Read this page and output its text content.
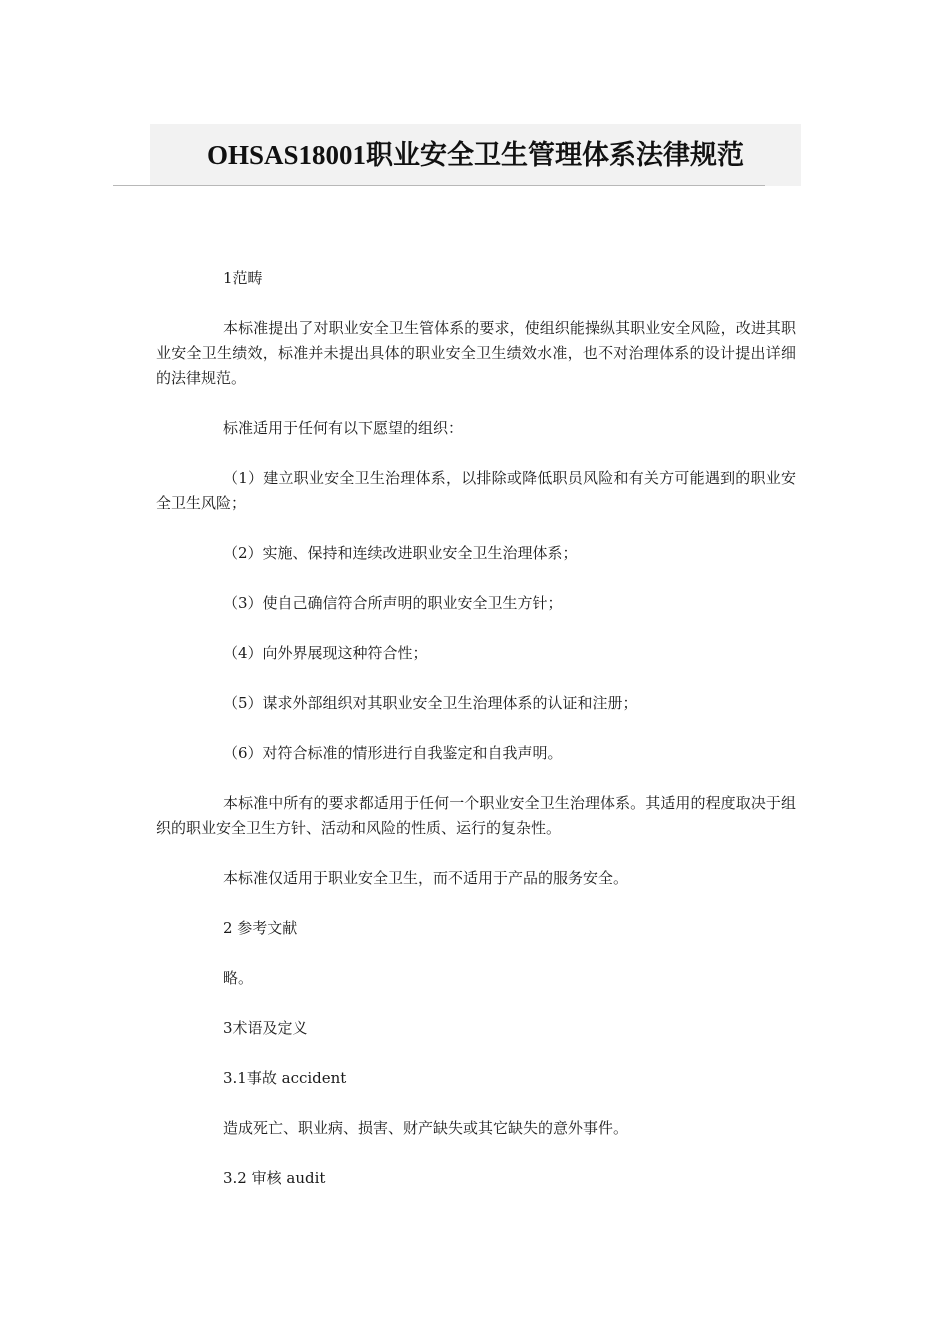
OHSAS18001职业安全卫生管理体系法律规范

1范畴

本标准提出了对职业安全卫生管体系的要求，使组织能操纵其职业安全风险，改进其职业安全卫生绩效，标准并未提出具体的职业安全卫生绩效水准，也不对治理体系的设计提出详细的法律规范。

标准适用于任何有以下愿望的组织：

（1）建立职业安全卫生治理体系，以排除或降低职员风险和有关方可能遇到的职业安全卫生风险；

（2）实施、保持和连续改进职业安全卫生治理体系；

（3）使自己确信符合所声明的职业安全卫生方针；

（4）向外界展现这种符合性；

（5）谋求外部组织对其职业安全卫生治理体系的认证和注册；

（6）对符合标准的情形进行自我鉴定和自我声明。

本标准中所有的要求都适用于任何一个职业安全卫生治理体系。其适用的程度取决于组织的职业安全卫生方针、活动和风险的性质、运行的复杂性。

本标准仅适用于职业安全卫生，而不适用于产品的服务安全。

2 参考文献

略。

3术语及定义

3.1事故 accident

造成死亡、职业病、损害、财产缺失或其它缺失的意外事件。

3.2 审核 audit
